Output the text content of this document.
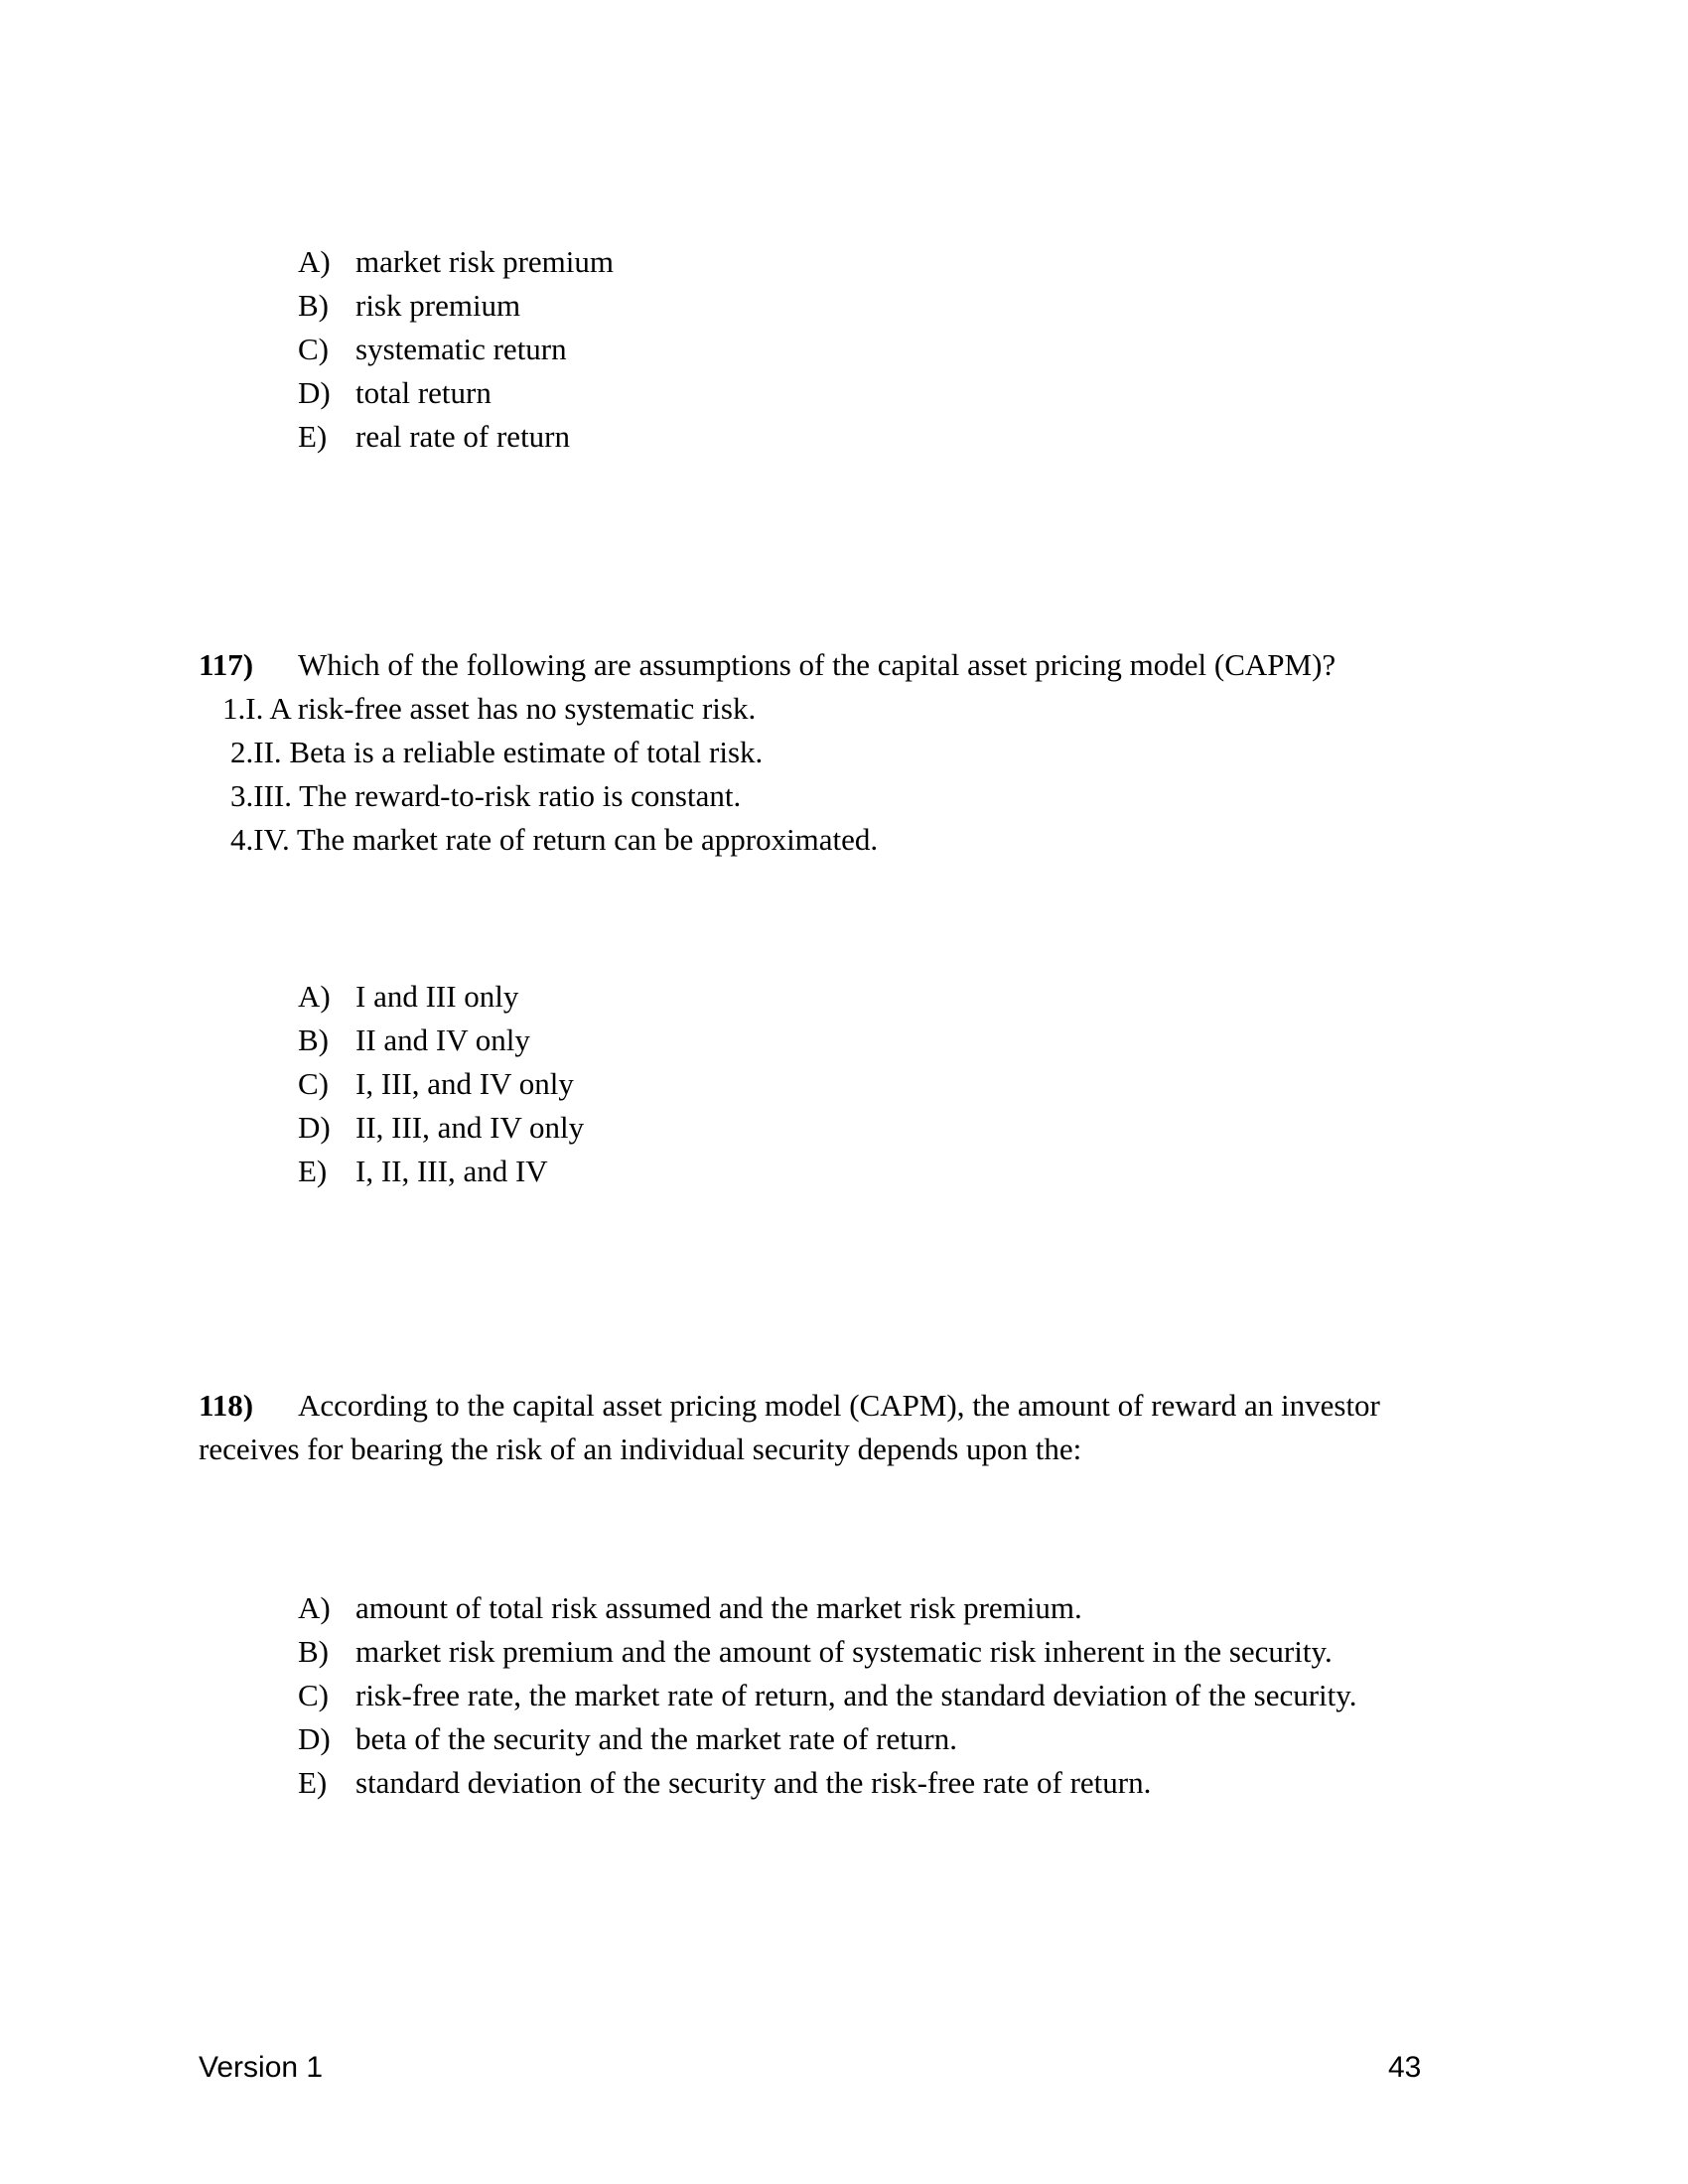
A) market risk premium
B) risk premium
C) systematic return
D) total return
E) real rate of return
117) Which of the following are assumptions of the capital asset pricing model (CAPM)?
1.I. A risk-free asset has no systematic risk.
2.II. Beta is a reliable estimate of total risk.
3.III. The reward-to-risk ratio is constant.
4.IV. The market rate of return can be approximated.
A) I and III only
B) II and IV only
C) I, III, and IV only
D) II, III, and IV only
E) I, II, III, and IV
118) According to the capital asset pricing model (CAPM), the amount of reward an investor
receives for bearing the risk of an individual security depends upon the:
A) amount of total risk assumed and the market risk premium.
B) market risk premium and the amount of systematic risk inherent in the security.
C) risk-free rate, the market rate of return, and the standard deviation of the security.
D) beta of the security and the market rate of return.
E) standard deviation of the security and the risk-free rate of return.
Version 1	43
